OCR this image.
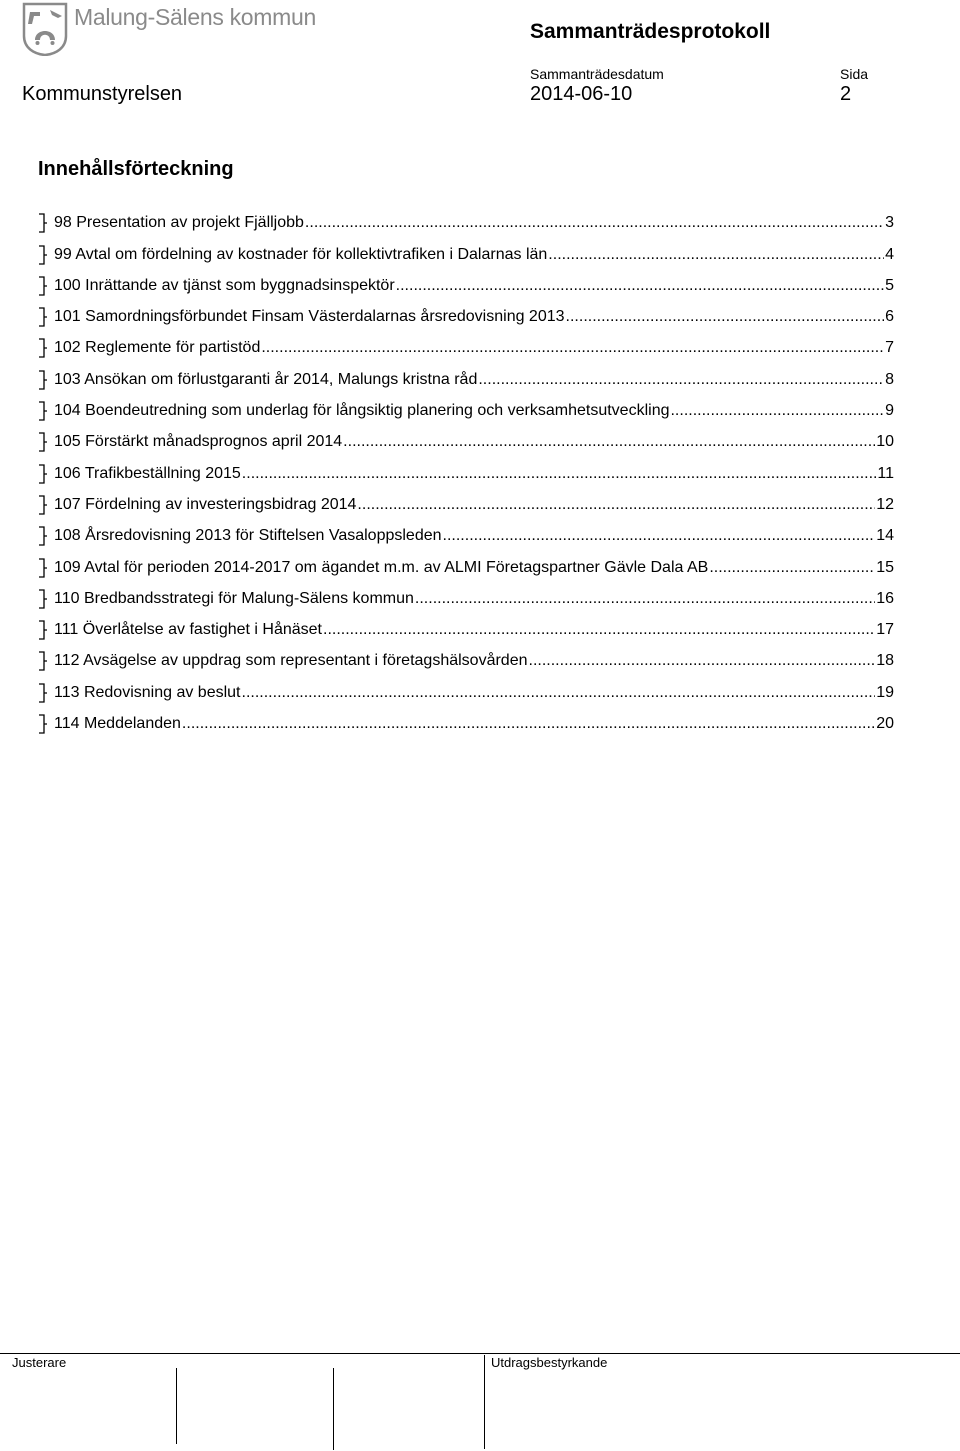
Malung-Sälens kommun
Sammanträdesprotokoll
Sammanträdesdatum	Sida
Kommunstyrelsen	2014-06-10	2
Innehållsförteckning
98 Presentation av projekt Fjälljobb .....	3
99 Avtal om fördelning av kostnader för kollektivtrafiken i Dalarnas län .....	4
100 Inrättande av tjänst som byggnadsinspektör .....	5
101 Samordningsförbundet Finsam Västerdalarnas årsredovisning 2013 .....	6
102 Reglemente för partistöd .....	7
103 Ansökan om förlustgaranti år 2014, Malungs kristna råd .....	8
104 Boendeutredning som underlag för långsiktig planering och verksamhetsutveckling .....	9
105 Förstärkt månadsprognos april 2014 .....	10
106 Trafikbeställning 2015 .....	11
107 Fördelning av investeringsbidrag 2014 .....	12
108 Årsredovisning 2013 för Stiftelsen Vasaloppsleden .....	14
109 Avtal för perioden 2014-2017 om ägandet m.m. av ALMI Företagspartner Gävle Dala AB .....	15
110 Bredbandsstrategi för Malung-Sälens kommun .....	16
111 Överlåtelse av fastighet i Hånäset .....	17
112 Avsägelse av uppdrag som representant i företagshälsovården .....	18
113 Redovisning av beslut .....	19
114 Meddelanden .....	20
Justerare	Utdragsbestyrkande
